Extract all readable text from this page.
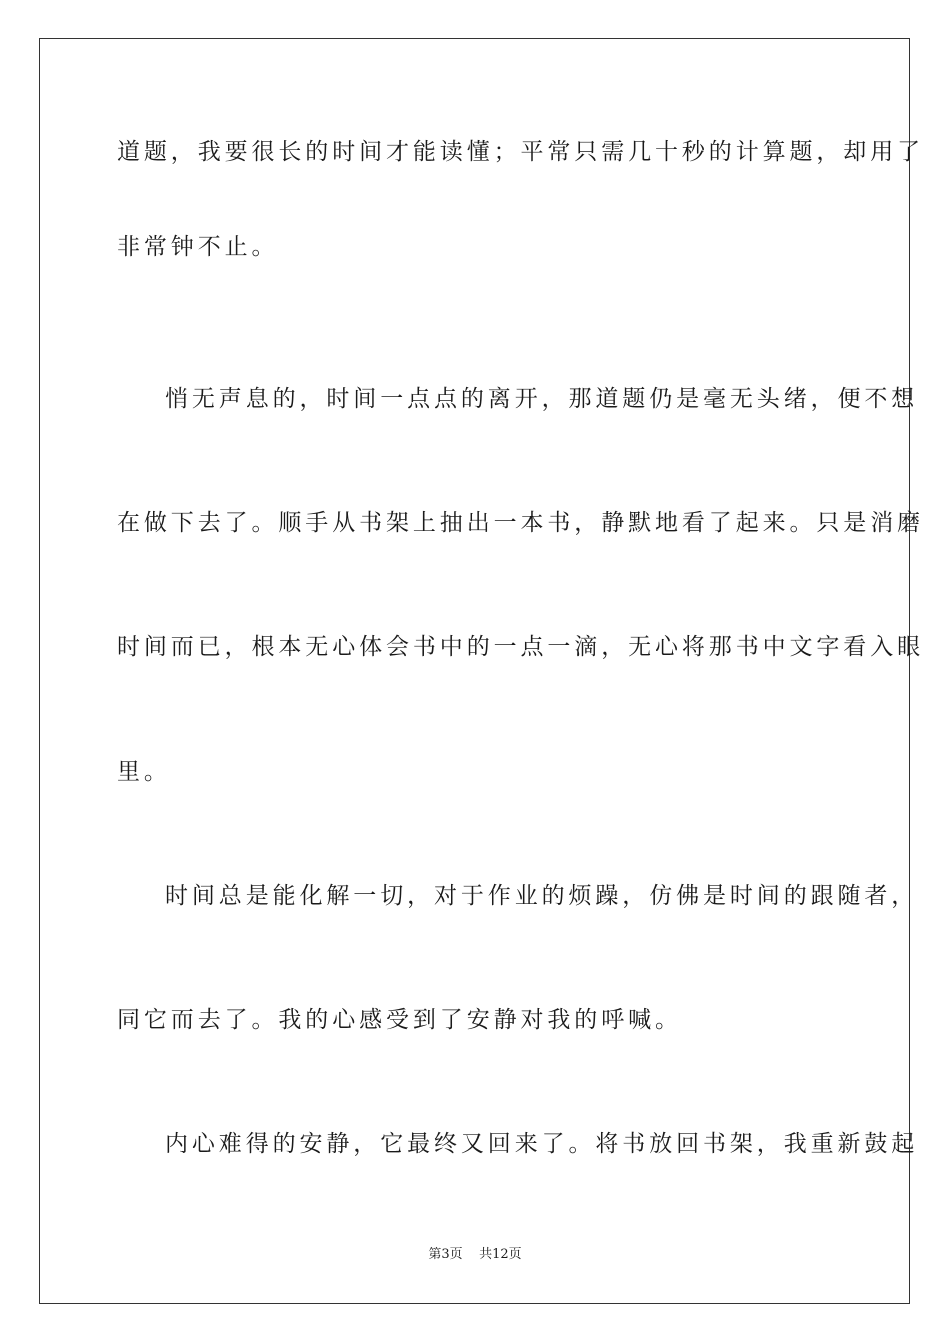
道题，我要很长的时间才能读懂；平常只需几十秒的计算题，却用了
非常钟不止。
悄无声息的，时间一点点的离开，那道题仍是毫无头绪，便不想
在做下去了。顺手从书架上抽出一本书，静默地看了起来。只是消磨
时间而已，根本无心体会书中的一点一滴，无心将那书中文字看入眼
里。
时间总是能化解一切，对于作业的烦躁，仿佛是时间的跟随者，
同它而去了。我的心感受到了安静对我的呼喊。
内心难得的安静，它最终又回来了。将书放回书架，我重新鼓起
第3页 共12页
